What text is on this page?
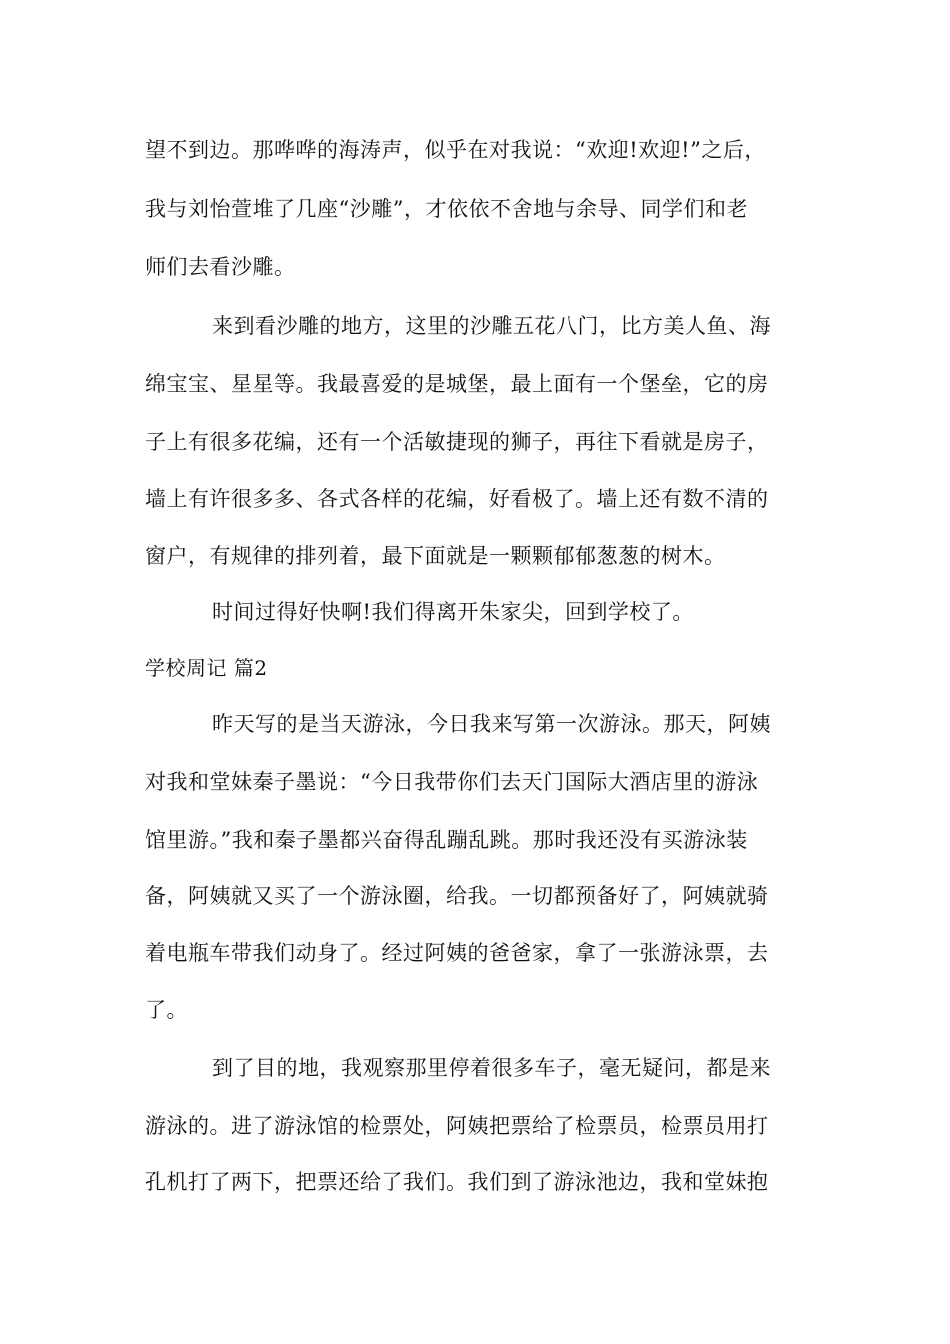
望不到边。那哗哗的海涛声，似乎在对我说：“欢迎!欢迎!”之后，
我与刘怡萱堆了几座“沙雕”，才依依不舍地与余导、同学们和老
师们去看沙雕。
来到看沙雕的地方，这里的沙雕五花八门，比方美人鱼、海
绵宝宝、星星等。我最喜爱的是城堡，最上面有一个堡垒，它的房
子上有很多花编，还有一个活敏捷现的狮子，再往下看就是房子，
墙上有许很多多、各式各样的花编，好看极了。墙上还有数不清的
窗户，有规律的排列着，最下面就是一颗颗郁郁葱葱的树木。
时间过得好快啊!我们得离开朱家尖，回到学校了。
学校周记 篇2
昨天写的是当天游泳，今日我来写第一次游泳。那天，阿姨
对我和堂妹秦子墨说：“今日我带你们去天门国际大酒店里的游泳
馆里游。”我和秦子墨都兴奋得乱蹦乱跳。那时我还没有买游泳装
备，阿姨就又买了一个游泳圈，给我。一切都预备好了，阿姨就骑
着电瓶车带我们动身了。经过阿姨的爸爸家，拿了一张游泳票，去
了。
到了目的地，我观察那里停着很多车子，毫无疑问，都是来
游泳的。进了游泳馆的检票处，阿姨把票给了检票员，检票员用打
孔机打了两下，把票还给了我们。我们到了游泳池边，我和堂妹抱
